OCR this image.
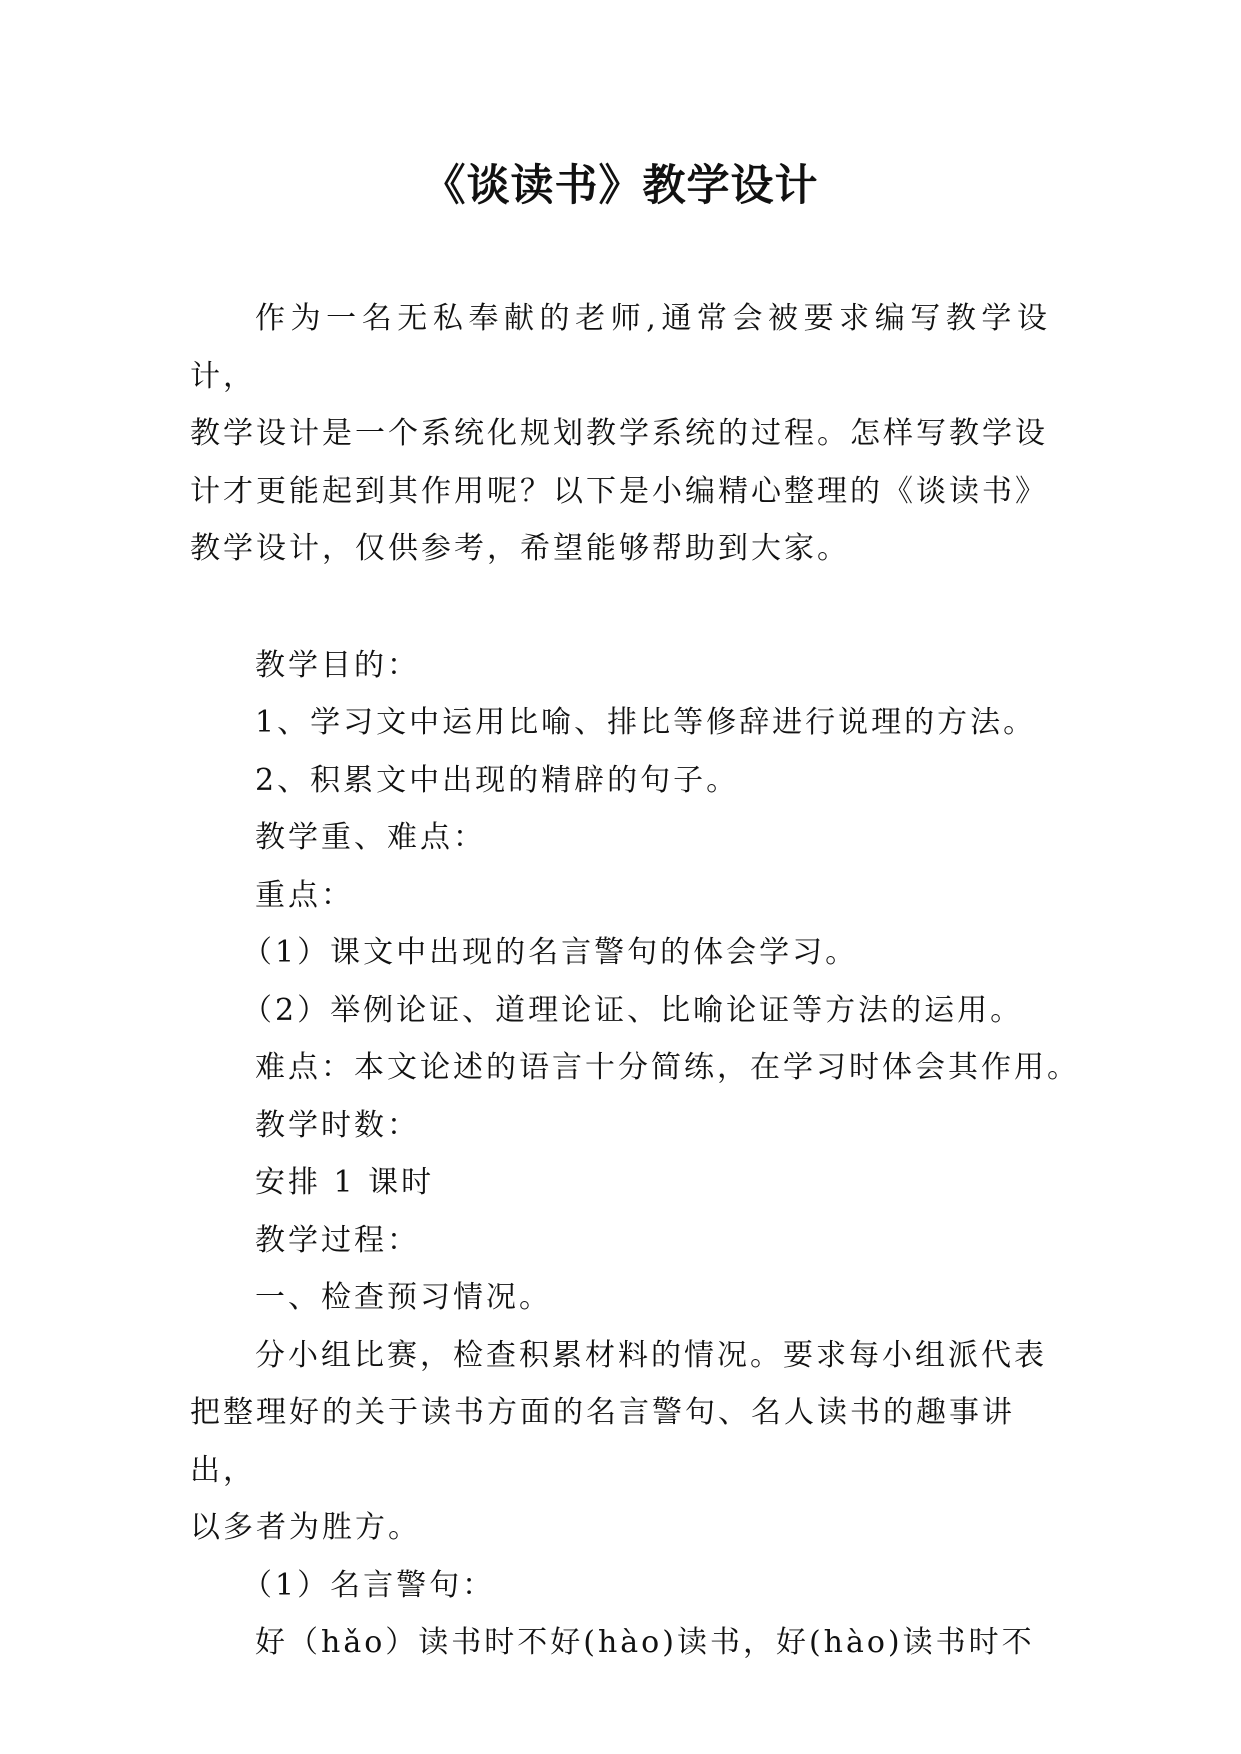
《谈读书》教学设计

作为一名无私奉献的老师,通常会被要求编写教学设计，

教学设计是一个系统化规划教学系统的过程。怎样写教学设

计才更能起到其作用呢？以下是小编精心整理的《谈读书》

教学设计，仅供参考，希望能够帮助到大家。

教学目的：

1、学习文中运用比喻、排比等修辞进行说理的方法。

2、积累文中出现的精辟的句子。

教学重、难点：

重点：

（1）课文中出现的名言警句的体会学习。

（2）举例论证、道理论证、比喻论证等方法的运用。

难点：本文论述的语言十分简练，在学习时体会其作用。

教学时数：

安排 1 课时

教学过程：

一、检查预习情况。

分小组比赛，检查积累材料的情况。要求每小组派代表

把整理好的关于读书方面的名言警句、名人读书的趣事讲出，

以多者为胜方。

（1）名言警句：

好（hǎo）读书时不好(hào)读书，好(hào)读书时不
